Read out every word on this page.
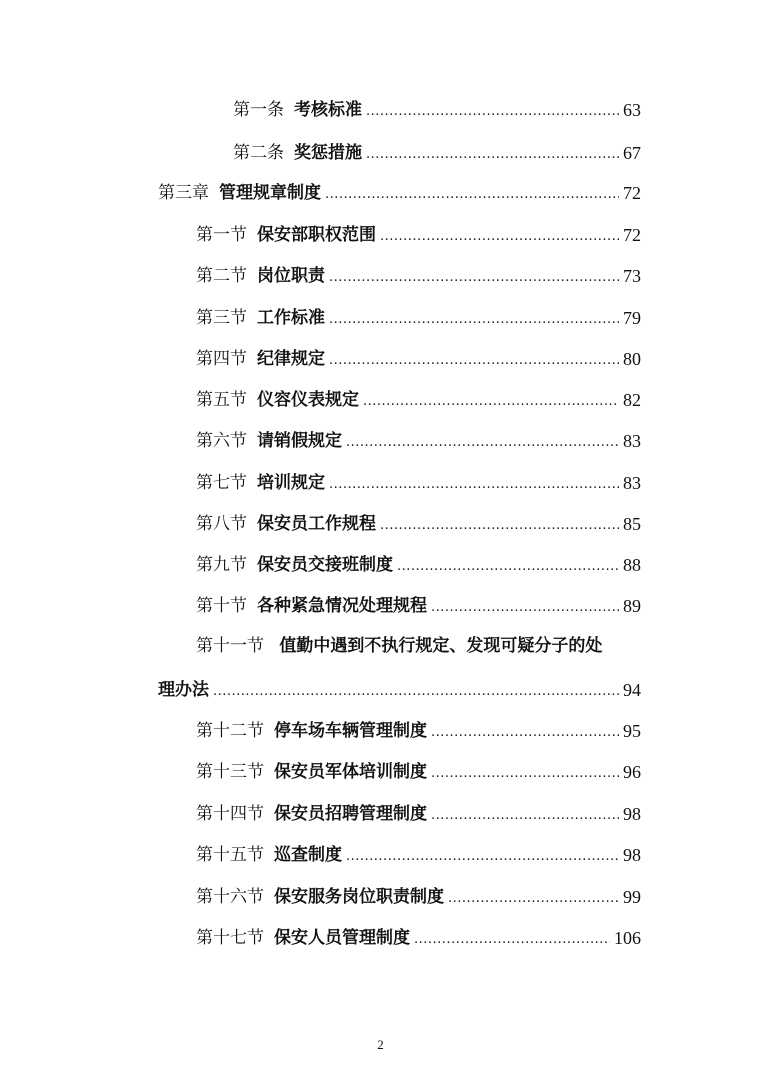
第一条 考核标准 .....	63
第二条 奖惩措施 .....	67
第三章 管理规章制度 .....	72
第一节 保安部职权范围 .....	72
第二节 岗位职责 .....	73
第三节 工作标准 .....	79
第四节 纪律规定 .....	80
第五节 仪容仪表规定 .....	82
第六节 请销假规定 .....	83
第七节 培训规定 .....	83
第八节 保安员工作规程 .....	85
第九节 保安员交接班制度 .....	88
第十节 各种紧急情况处理规程 .....	89
第十一节 值勤中遇到不执行规定、发现可疑分子的处
理办法 .....	94
第十二节 停车场车辆管理制度 .....	95
第十三节 保安员军体培训制度 .....	96
第十四节 保安员招聘管理制度 .....	98
第十五节 巡查制度 .....	98
第十六节 保安服务岗位职责制度 .....	99
第十七节 保安人员管理制度 .....	106
2
